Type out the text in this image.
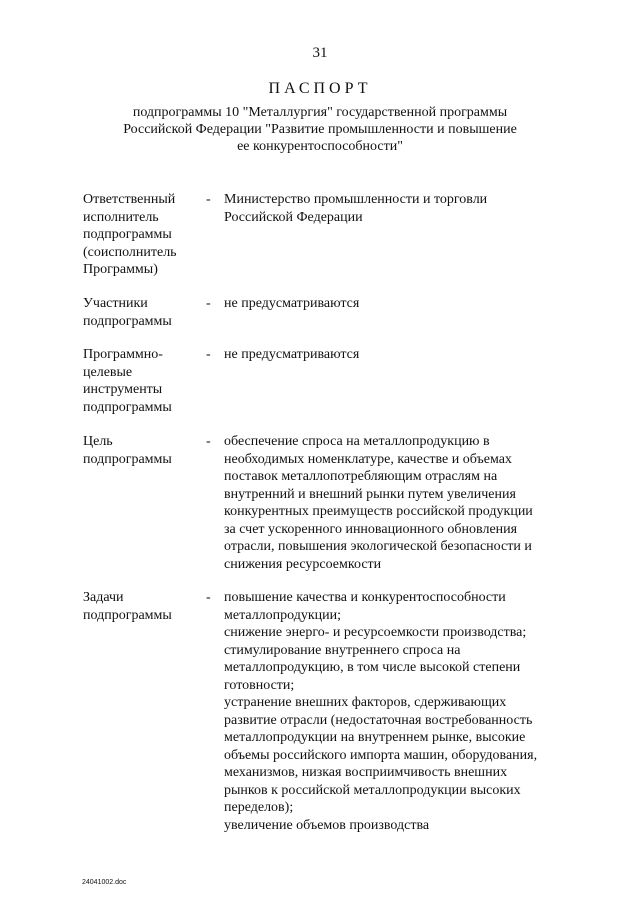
31
ПАСПОРТ
подпрограммы 10 "Металлургия" государственной программы
Российской Федерации "Развитие промышленности и повышение
ее конкурентоспособности"
Ответственный
исполнитель
подпрограммы
(соисполнитель
Программы)
- Министерство промышленности и торговли
Российской Федерации
Участники
подпрограммы
- не предусматриваются
Программно-
целевые
инструменты
подпрограммы
- не предусматриваются
Цель
подпрограммы
- обеспечение спроса на металлопродукцию в
необходимых номенклатуре, качестве и объемах
поставок металлопотребляющим отраслям на
внутренний и внешний рынки путем увеличения
конкурентных преимуществ российской продукции
за счет ускоренного инновационного обновления
отрасли, повышения экологической безопасности и
снижения ресурсоемкости
Задачи
подпрограммы
- повышение качества и конкурентоспособности
металлопродукции;
снижение энерго- и ресурсоемкости производства;
стимулирование внутреннего спроса на
металлопродукцию, в том числе высокой степени
готовности;
устранение внешних факторов, сдерживающих
развитие отрасли (недостаточная востребованность
металлопродукции на внутреннем рынке, высокие
объемы российского импорта машин, оборудования,
механизмов, низкая восприимчивость внешних
рынков к российской металлопродукции высоких
переделов);
увеличение объемов производства
24041002.doc
